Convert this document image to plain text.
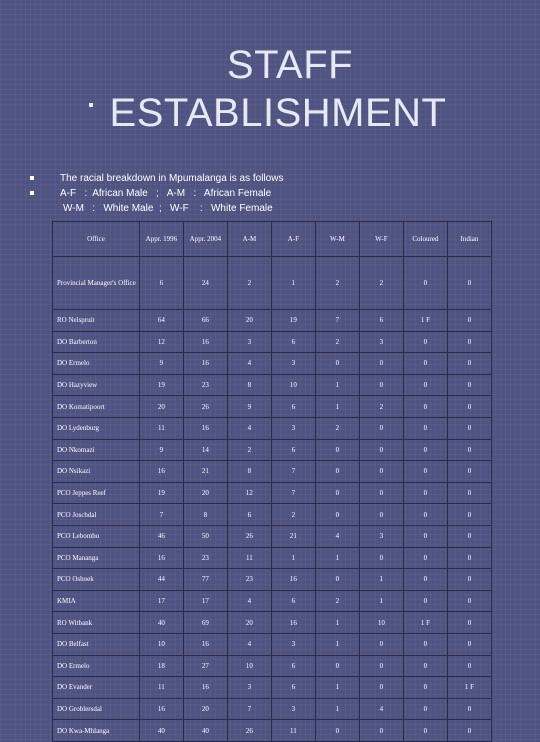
STAFF
ESTABLISHMENT

The racial breakdown in Mpumalanga is as follows

A-F   :  African Male   ;   A-M   :   African Female

W-M   :   White Male  ;   W-F    :   White Female

Office	Appr. 1996	Appr. 2004	A-M	A-F	W-M	W-F	Coloured	Indian
Provincial Manager's Office	6	24	2	1	2	2	0	0
RO Nelspruit	64	66	20	19	7	6	1 F	0
DO Barberton	12	16	3	6	2	3	0	0
DO Ermelo	9	16	4	3	0	0	0	0
DO Hazyview	19	23	8	10	1	0	0	0
DO Komatipoort	20	26	9	6	1	2	0	0
DO Lydenburg	11	16	4	3	2	0	0	0
DO Nkomazi	9	14	2	6	0	0	0	0
DO Nsikazi	16	21	8	7	0	0	0	0
PCO Jeppes Reef	19	20	12	7	0	0	0	0
PCO Joschdal	7	8	6	2	0	0	0	0
PCO Lebombo	46	50	26	21	4	3	0	0
PCO Mananga	16	23	11	1	1	0	0	0
PCO Oshoek	44	77	23	16	0	1	0	0
KMIA	17	17	4	6	2	1	0	0
RO Witbank	40	69	20	16	1	10	1 F	0
DO Belfast	10	16	4	3	1	0	0	0
DO Ermelo	18	27	10	6	0	0	0	0
DO Evander	11	16	3	6	1	0	0	1 F
DO Groblersdal	16	20	7	3	1	4	0	0
DO Kwa-Mhlanga	40	40	26	11	0	0	0	0
